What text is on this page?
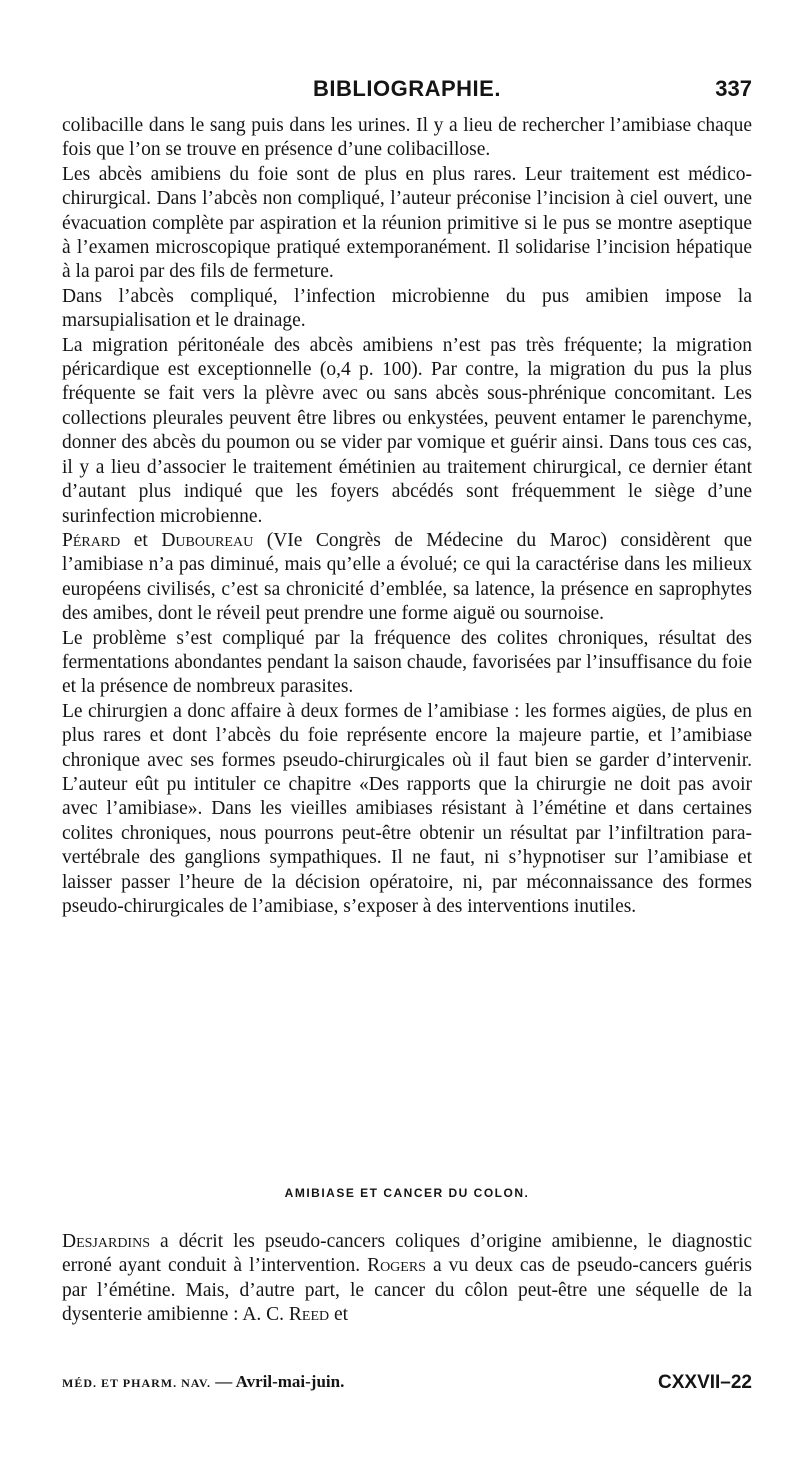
BIBLIOGRAPHIE.	337

colibacille dans le sang puis dans les urines. Il y a lieu de rechercher l’amibiase chaque fois que l’on se trouve en présence d’une colibacillose.

Les abcès amibiens du foie sont de plus en plus rares. Leur traitement est médico-chirurgical. Dans l’abcès non compliqué, l’auteur préconise l’incision à ciel ouvert, une évacuation complète par aspiration et la réunion primitive si le pus se montre aseptique à l’examen microscopique pratiqué extemporanément. Il solidarise l’incision hépatique à la paroi par des fils de fermeture.

Dans l’abcès compliqué, l’infection microbienne du pus amibien impose la marsupialisation et le drainage.

La migration péritonéale des abcès amibiens n’est pas très fréquente; la migration péricardique est exceptionnelle (o,4 p. 100). Par contre, la migration du pus la plus fréquente se fait vers la plèvre avec ou sans abcès sous-phrénique concomitant. Les collections pleurales peuvent être libres ou enkystées, peuvent entamer le parenchyme, donner des abcès du poumon ou se vider par vomique et guérir ainsi. Dans tous ces cas, il y a lieu d’associer le traitement émétinien au traitement chirurgical, ce dernier étant d’autant plus indiqué que les foyers abcédés sont fréquemment le siège d’une surinfection microbienne.

Pérard et Duboureau (VIe Congrès de Médecine du Maroc) considèrent que l’amibiase n’a pas diminué, mais qu’elle a évolué; ce qui la caractérise dans les milieux européens civilisés, c’est sa chronicité d’emblée, sa latence, la présence en saprophytes des amibes, dont le réveil peut prendre une forme aiguë ou sournoise.

Le problème s’est compliqué par la fréquence des colites chroniques, résultat des fermentations abondantes pendant la saison chaude, favorisées par l’insuffisance du foie et la présence de nombreux parasites.

Le chirurgien a donc affaire à deux formes de l’amibiase : les formes aigües, de plus en plus rares et dont l’abcès du foie représente encore la majeure partie, et l’amibiase chronique avec ses formes pseudo-chirurgicales où il faut bien se garder d’intervenir. L’auteur eût pu intituler ce chapitre «Des rapports que la chirurgie ne doit pas avoir avec l’amibiase». Dans les vieilles amibiases résistant à l’émétine et dans certaines colites chroniques, nous pourrons peut-être obtenir un résultat par l’infiltration para-vertébrale des ganglions sympathiques. Il ne faut, ni s’hypnotiser sur l’amibiase et laisser passer l’heure de la décision opératoire, ni, par méconnaissance des formes pseudo-chirurgicales de l’amibiase, s’exposer à des interventions inutiles.

AMIBIASE ET CANCER DU COLON.

Desjardins a décrit les pseudo-cancers coliques d’origine amibienne, le diagnostic erroné ayant conduit à l’intervention. Rogers a vu deux cas de pseudo-cancers guéris par l’émétine. Mais, d’autre part, le cancer du côlon peut-être une séquelle de la dysenterie amibienne : A. C. Reed et

MÉD. ET PHARM. NAV. — Avril-mai-juin.	CXXVII–22
